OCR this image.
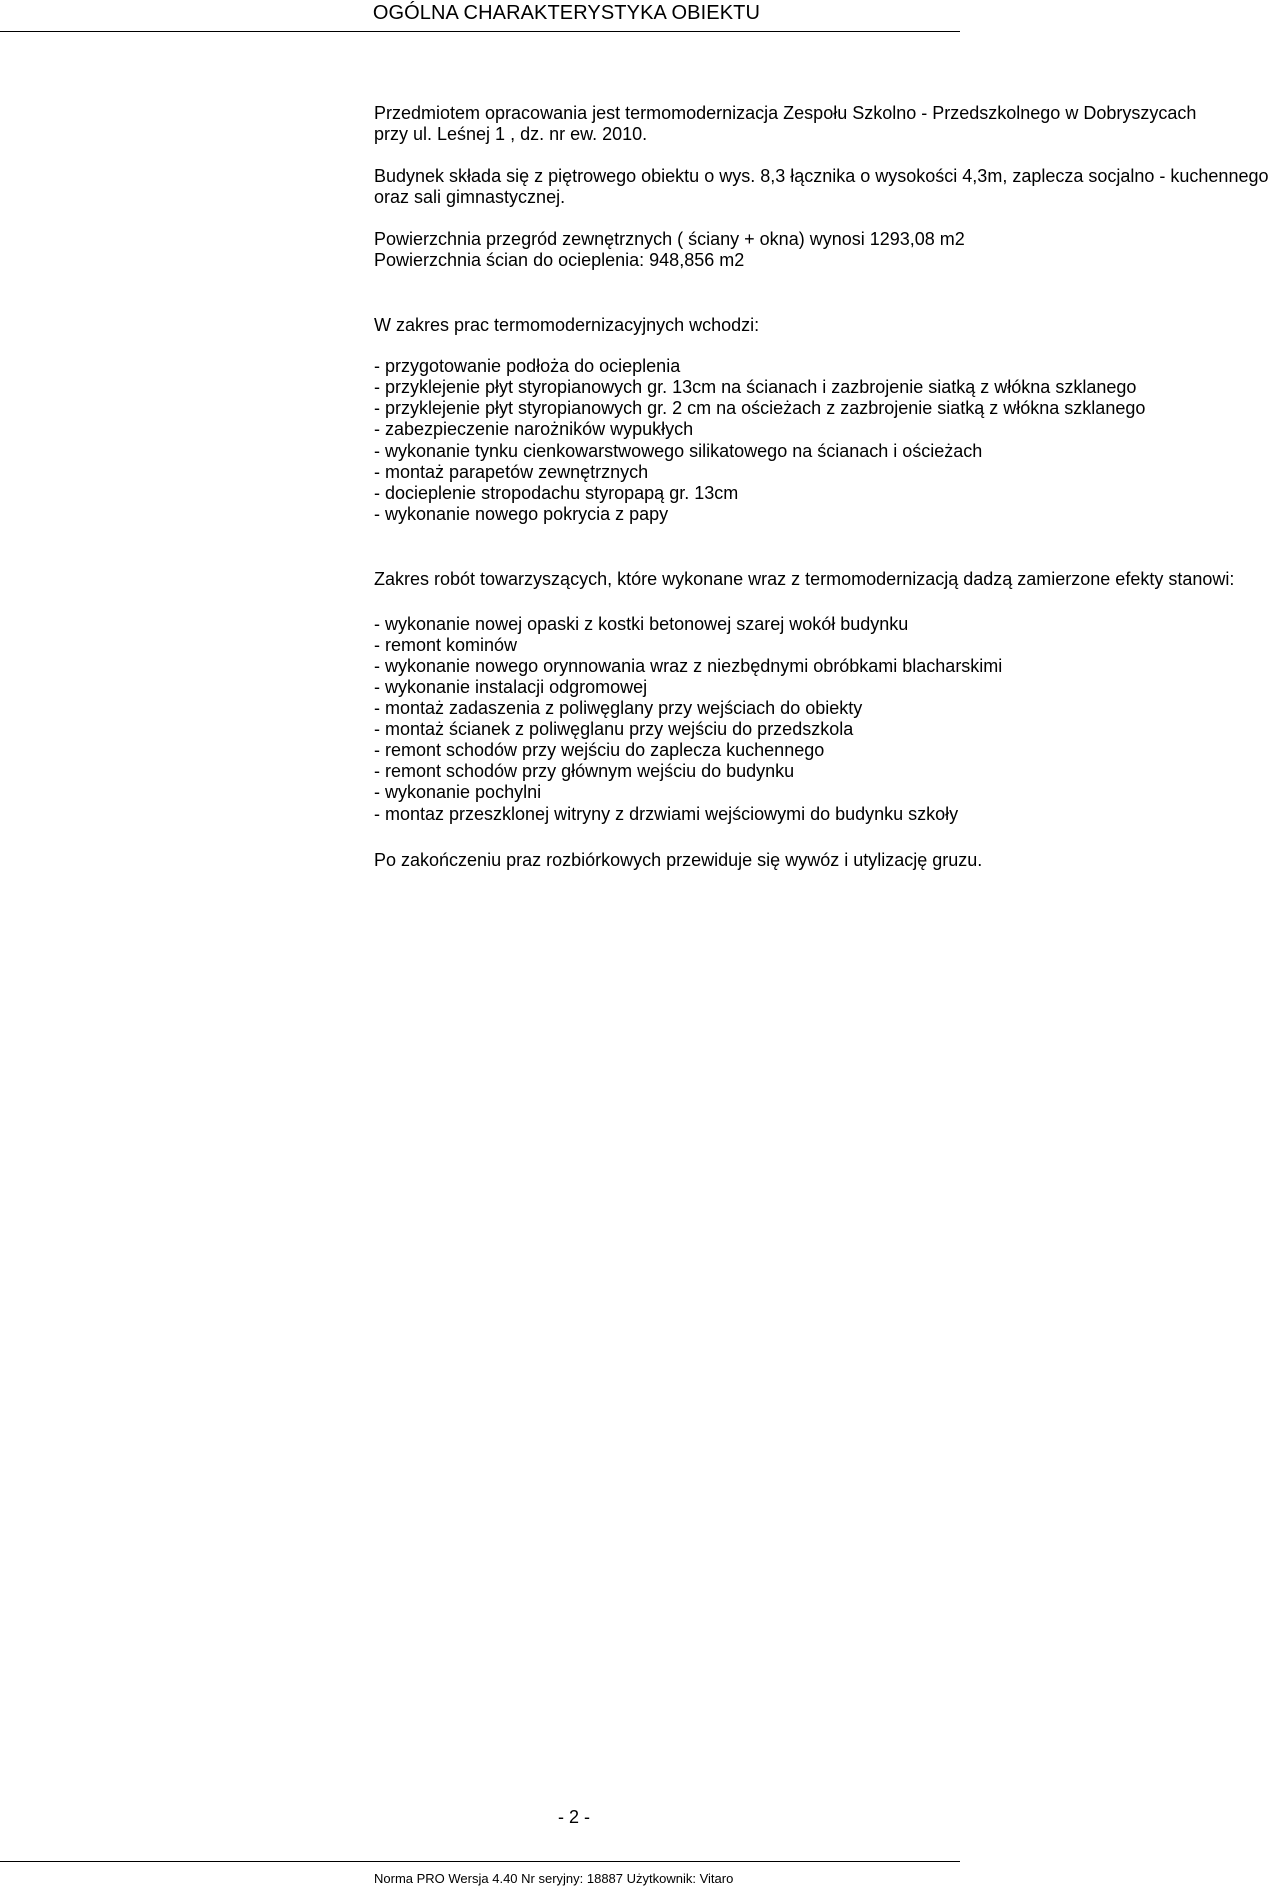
OGÓLNA CHARAKTERYSTYKA OBIEKTU
Przedmiotem opracowania jest termomodernizacja Zespołu Szkolno - Przedszkolnego w Dobryszycach
przy ul. Leśnej 1 , dz. nr ew. 2010.
Budynek składa się z piętrowego obiektu o wys. 8,3 łącznika o wysokości 4,3m, zaplecza socjalno - kuchennego
oraz sali gimnastycznej.
Powierzchnia przegród zewnętrznych ( ściany + okna) wynosi 1293,08 m2
Powierzchnia ścian do ocieplenia: 948,856 m2
W zakres prac termomodernizacyjnych wchodzi:
- przygotowanie podłoża do ocieplenia
- przyklejenie płyt styropianowych gr. 13cm na ścianach i zazbrojenie siatką z włókna szklanego
- przyklejenie płyt styropianowych gr. 2 cm na ościeżach z zazbrojenie siatką z włókna szklanego
- zabezpieczenie narożników wypukłych
- wykonanie tynku cienkowarstwowego silikatowego na ścianach i ościeżach
- montaż parapetów zewnętrznych
- docieplenie stropodachu styropapą gr. 13cm
- wykonanie nowego pokrycia z papy
Zakres robót towarzyszących, które wykonane wraz z termomodernizacją dadzą zamierzone efekty stanowi:
- wykonanie nowej opaski z kostki betonowej szarej wokół budynku
- remont kominów
- wykonanie nowego orynnowania wraz z niezbędnymi obróbkami blacharskimi
- wykonanie instalacji odgromowej
- montaż zadaszenia z poliwęglany przy wejściach do obiekty
- montaż ścianek z poliwęglanu przy wejściu do przedszkola
- remont schodów przy wejściu do zaplecza kuchennego
- remont schodów przy głównym wejściu do budynku
- wykonanie pochylni
- montaz przeszklonej witryny z drzwiami wejściowymi do budynku szkoły
Po zakończeniu praz rozbiórkowych przewiduje się wywóz i utylizację gruzu.
- 2 -
Norma PRO Wersja 4.40 Nr seryjny: 18887 Użytkownik: Vitaro
